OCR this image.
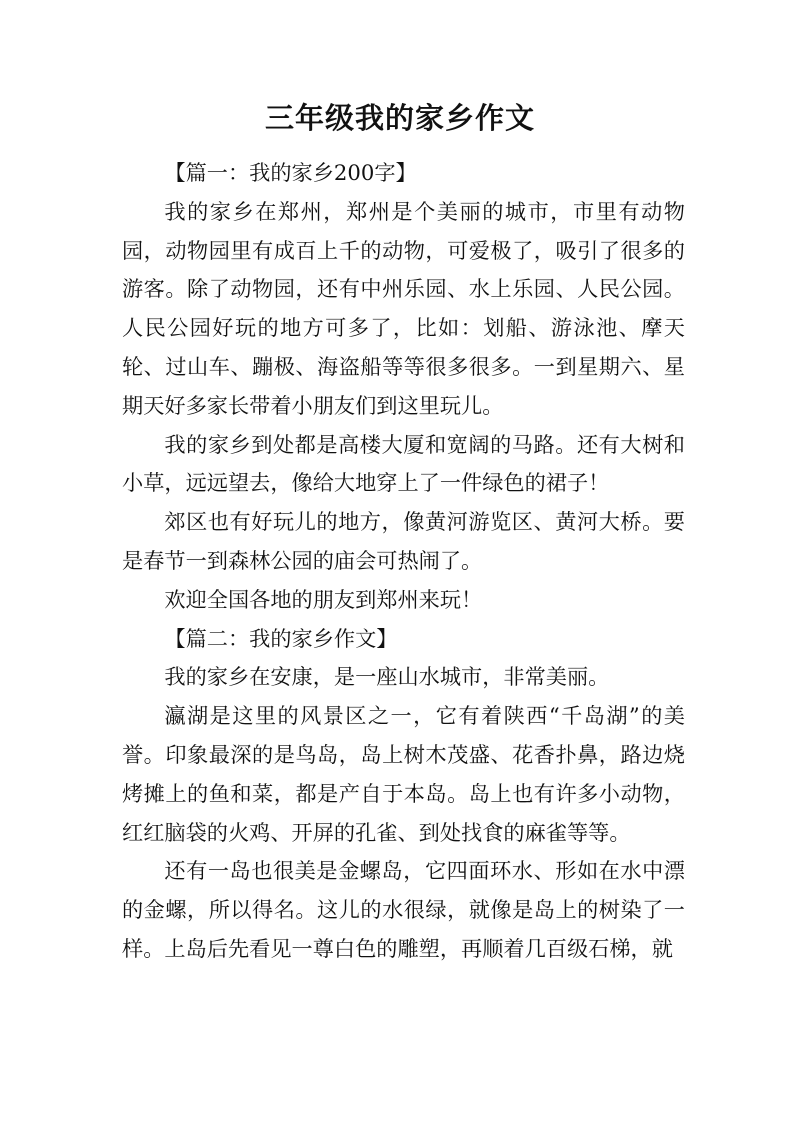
三年级我的家乡作文

【篇一：我的家乡200字】

我的家乡在郑州，郑州是个美丽的城市，市里有动物园，动物园里有成百上千的动物，可爱极了，吸引了很多的游客。除了动物园，还有中州乐园、水上乐园、人民公园。人民公园好玩的地方可多了，比如：划船、游泳池、摩天轮、过山车、蹦极、海盗船等等很多很多。一到星期六、星期天好多家长带着小朋友们到这里玩儿。

我的家乡到处都是高楼大厦和宽阔的马路。还有大树和小草，远远望去，像给大地穿上了一件绿色的裙子！

郊区也有好玩儿的地方，像黄河游览区、黄河大桥。要是春节一到森林公园的庙会可热闹了。

欢迎全国各地的朋友到郑州来玩！

【篇二：我的家乡作文】

我的家乡在安康，是一座山水城市，非常美丽。

瀛湖是这里的风景区之一，它有着陕西“千岛湖”的美誉。印象最深的是鸟岛，岛上树木茂盛、花香扑鼻，路边烧烤摊上的鱼和菜，都是产自于本岛。岛上也有许多小动物，红红脑袋的火鸡、开屏的孔雀、到处找食的麻雀等等。

还有一岛也很美是金螺岛，它四面环水、形如在水中漂的金螺，所以得名。这儿的水很绿，就像是岛上的树染了一样。上岛后先看见一尊白色的雕塑，再顺着几百级石梯，就
